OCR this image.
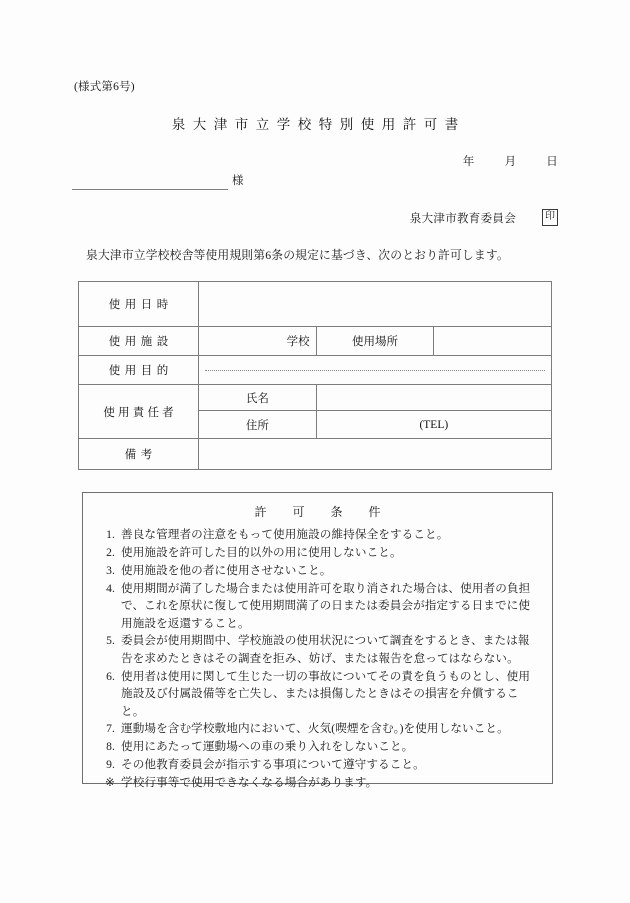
(様式第6号)
泉大津市立学校特別使用許可書
年	月	日
様
泉大津市教育委員会	印
泉大津市立学校校舎等使用規則第6条の規定に基づき、次のとおり許可します。
使用日時			
使用施設	学校	使用場所	
使用目的			

使用責任者	氏名		
	住所	(TEL)	
備考			
許可条件
1. 善良な管理者の注意をもって使用施設の維持保全をすること。
2. 使用施設を許可した目的以外の用に使用しないこと。
3. 使用施設を他の者に使用させないこと。
4. 使用期間が満了した場合または使用許可を取り消された場合は、使用者の負担で、これを原状に復して使用期間満了の日または委員会が指定する日までに使用施設を返還すること。
5. 委員会が使用期間中、学校施設の使用状況について調査をするとき、または報告を求めたときはその調査を拒み、妨げ、または報告を怠ってはならない。
6. 使用者は使用に関して生じた一切の事故についてその責を負うものとし、使用施設及び付属設備等を亡失し、または損傷したときはその損害を弁償すること。
7. 運動場を含む学校敷地内において、火気(喫煙を含む。)を使用しないこと。
8. 使用にあたって運動場への車の乗り入れをしないこと。
9. その他教育委員会が指示する事項について遵守すること。
※ 学校行事等で使用できなくなる場合があります。
